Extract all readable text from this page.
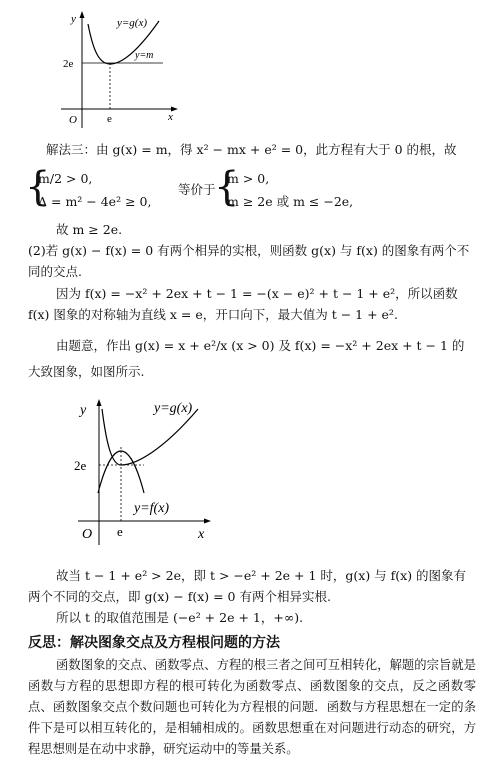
y
x
O
2e
e
y=g(x)
y=m
解法三：由 g(x) = m，得 x² − mx + e² = 0，此方程有大于 0 的根，故
{
m/2 > 0,
Δ = m² − 4e² ≥ 0,
等价于
{
m > 0,
m ≥ 2e 或 m ≤ −2e,
故 m ≥ 2e.
(2)若 g(x) − f(x) = 0 有两个相异的实根，则函数 g(x) 与 f(x) 的图象有两个不同的交点.
因为 f(x) = −x² + 2ex + t − 1 = −(x − e)² + t − 1 + e²，所以函数 f(x) 图象的对称轴为直线 x = e，开口向下，最大值为 t − 1 + e².
由题意，作出 g(x) = x + e²/x (x > 0) 及 f(x) = −x² + 2ex + t − 1 的大致图象，如图所示.
y
x
O
2e
e
y=g(x)
y=f(x)
故当 t − 1 + e² > 2e，即 t > −e² + 2e + 1 时，g(x) 与 f(x) 的图象有两个不同的交点，即 g(x) − f(x) = 0 有两个相异实根.
所以 t 的取值范围是 (−e² + 2e + 1，+∞).
反思：解决图象交点及方程根问题的方法
函数图象的交点、函数零点、方程的根三者之间可互相转化，解题的宗旨就是函数与方程的思想即方程的根可转化为函数零点、函数图象的交点，反之函数零点、函数图象交点个数问题也可转化为方程根的问题．函数与方程思想在一定的条件下是可以相互转化的，是相辅相成的。函数思想重在对问题进行动态的研究，方程思想则是在动中求静，研究运动中的等量关系。
